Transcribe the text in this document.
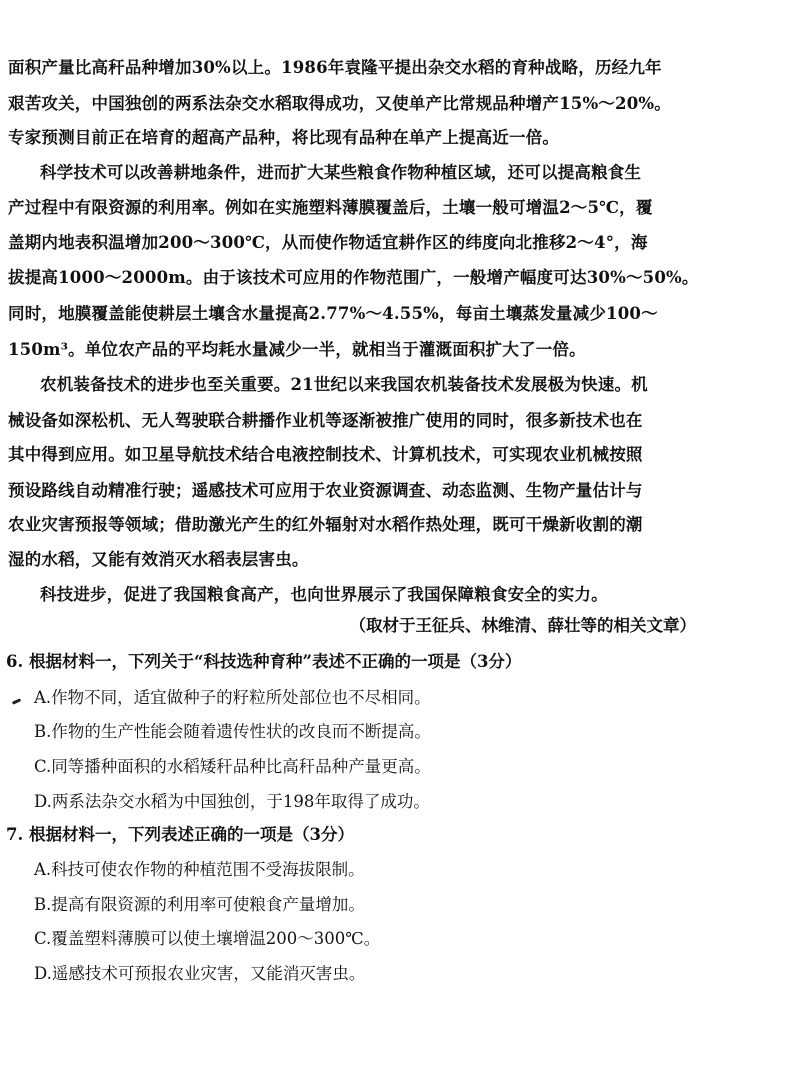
面积产量比高秆品种增加30%以上。1986年袁隆平提出杂交水稻的育种战略，历经九年
艰苦攻关，中国独创的两系法杂交水稻取得成功，又使单产比常规品种增产15%～20%。
专家预测目前正在培育的超高产品种，将比现有品种在单产上提高近一倍。
科学技术可以改善耕地条件，进而扩大某些粮食作物种植区域，还可以提高粮食生
产过程中有限资源的利用率。例如在实施塑料薄膜覆盖后，土壤一般可增温2～5℃，覆
盖期内地表积温增加200～300℃，从而使作物适宜耕作区的纬度向北推移2～4°，海
拔提高1000～2000m。由于该技术可应用的作物范围广，一般增产幅度可达30%～50%。
同时，地膜覆盖能使耕层土壤含水量提高2.77%～4.55%，每亩土壤蒸发量减少100～
150m³。单位农产品的平均耗水量减少一半，就相当于灌溉面积扩大了一倍。
农机装备技术的进步也至关重要。21世纪以来我国农机装备技术发展极为快速。机
械设备如深松机、无人驾驶联合耕播作业机等逐渐被推广使用的同时，很多新技术也在
其中得到应用。如卫星导航技术结合电液控制技术、计算机技术，可实现农业机械按照
预设路线自动精准行驶；遥感技术可应用于农业资源调查、动态监测、生物产量估计与
农业灾害预报等领域；借助激光产生的红外辐射对水稻作热处理，既可干燥新收割的潮
湿的水稻，又能有效消灭水稻表层害虫。
科技进步，促进了我国粮食高产，也向世界展示了我国保障粮食安全的实力。
（取材于王征兵、林维清、薛壮等的相关文章）
6. 根据材料一，下列关于“科技选种育种”表述不正确的一项是（3分）
A.作物不同，适宜做种子的籽粒所处部位也不尽相同。
B.作物的生产性能会随着遗传性状的改良而不断提高。
C.同等播种面积的水稻矮秆品种比高秆品种产量更高。
D.两系法杂交水稻为中国独创，于198年取得了成功。
7. 根据材料一，下列表述正确的一项是（3分）
A.科技可使农作物的种植范围不受海拔限制。
B.提高有限资源的利用率可使粮食产量增加。
C.覆盖塑料薄膜可以使土壤增温200～300℃。
D.遥感技术可预报农业灾害，又能消灭害虫。
